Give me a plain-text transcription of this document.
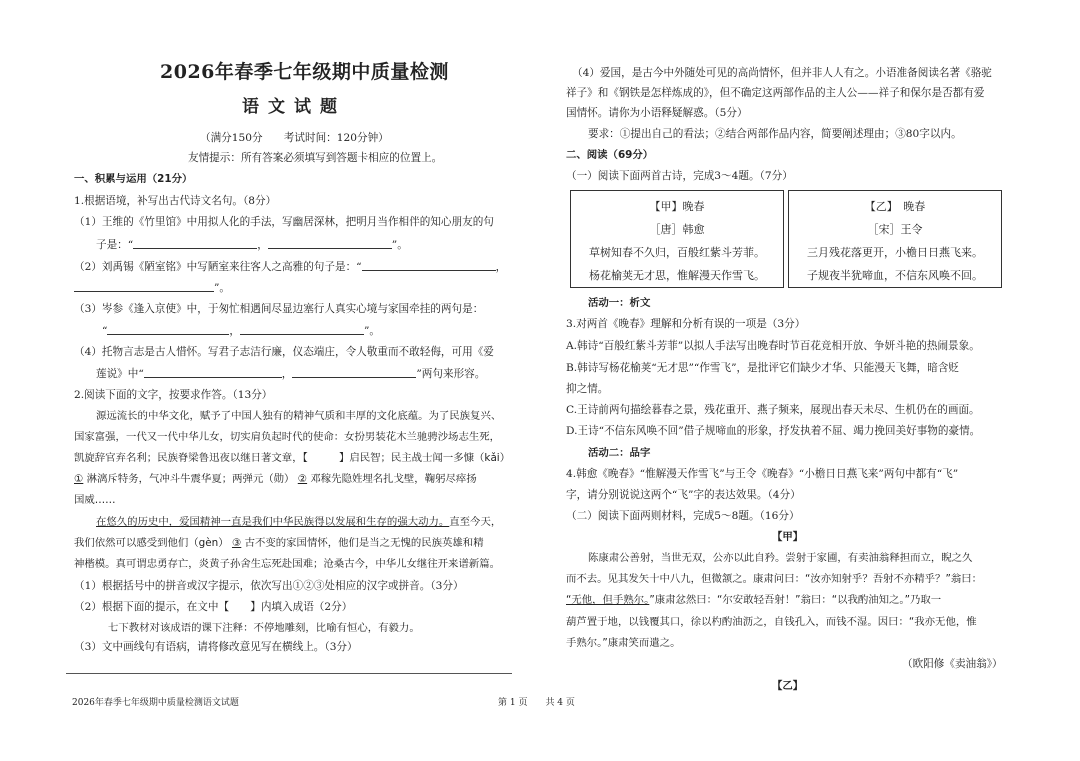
2026年春季七年级期中质量检测
语文试题
（满分150分　　考试时间：120分钟）
友情提示：所有答案必须填写到答题卡相应的位置上。
一、积累与运用（21分）
1.根据语境，补写出古代诗文名句。（8分）
（1）王维的《竹里馆》中用拟人化的手法，写幽居深林，把明月当作相伴的知心朋友的句
子是：“	，	”。
（2）刘禹锡《陋室铭》中写陋室来往客人之高雅的句子是：“	，
”。
（3）岑参《逢入京使》中，于匆忙相遇间尽显边塞行人真实心境与家国牵挂的两句是：
“	，	”。
（4）托物言志是古人惜怀。写君子志洁行廉，仪态端庄，令人敬重而不敢轻侮，可用《爱
莲说》中“	，	”两句来形容。
2.阅读下面的文字，按要求作答。（13分）
源远流长的中华文化，赋予了中国人独有的精神气质和丰厚的文化底蕴。为了民族复兴、
国家富强，一代又一代中华儿女，切实肩负起时代的使命：女扮男装花木兰驰骋沙场志生死，
凯旋辞官弃名利；民族脊梁鲁迅夜以继日著文章，【　　　】启民智；民主战士闻一多慷（kǎi）
① 淋漓斥特务，气冲斗牛震华夏；两弹元（勋） ② 邓稼先隐姓埋名扎戈壁，鞠躬尽瘁扬
国威……
在悠久的历史中，爱国精神一直是我们中华民族得以发展和生存的强大动力。直至今天，
我们依然可以感受到他们（gèn） ③ 古不变的家国情怀，他们是当之无愧的民族英雄和精
神楷模。真可谓忠勇存亡，炎黄子孙舍生忘死赴国难；沧桑古今，中华儿女继往开来谱新篇。
（1）根据括号中的拼音或汉字提示，依次写出①②③处相应的汉字或拼音。（3分）
（2）根据下面的提示，在文中【　　】内填入成语（2分）
七下教材对该成语的课下注释：不停地雕刻，比喻有恒心，有毅力。
（3）文中画线句有语病，请将修改意见写在横线上。（3分）
（4）爱国，是古今中外随处可见的高尚情怀，但并非人人有之。小语准备阅读名著《骆驼
祥子》和《钢铁是怎样炼成的》，但不确定这两部作品的主人公——祥子和保尔是否都有爱
国情怀。请你为小语释疑解惑。（5分）
要求：①提出自己的看法；②结合两部作品内容，简要阐述理由；③80字以内。
二、阅读（69分）
（一）阅读下面两首古诗，完成3～4题。（7分）
【甲】晚春
［唐］韩愈
草树知春不久归，百般红紫斗芳菲。
杨花榆荚无才思，惟解漫天作雪飞。
【乙】　晚春
［宋］王令
三月残花落更开，小檐日日燕飞来。
子规夜半犹啼血，不信东风唤不回。
活动一：析文
3.对两首《晚春》理解和分析有误的一项是（3分）
A.韩诗“百般红紫斗芳菲”以拟人手法写出晚春时节百花竞相开放、争妍斗艳的热闹景象。
B.韩诗写杨花榆荚“无才思”“作雪飞”，是批评它们缺少才华、只能漫天飞舞，暗含贬
抑之情。
C.王诗前两句描绘暮春之景，残花重开、燕子频来，展现出春天未尽、生机仍在的画面。
D.王诗“不信东风唤不回”借子规啼血的形象，抒发执着不屈、竭力挽回美好事物的豪情。
活动二：品字
4.韩愈《晚春》“惟解漫天作雪飞”与王令《晚春》“小檐日日燕飞来”两句中都有“飞”
字，请分别说说这两个“飞”字的表达效果。（4分）
（二）阅读下面两则材料，完成5～8题。（16分）
【甲】
陈康肃公善射，当世无双，公亦以此自矜。尝射于家圃，有卖油翁释担而立，睨之久
而不去。见其发矢十中八九，但微颔之。康肃问曰：“汝亦知射乎？吾射不亦精乎？”翁曰：
“无他，但手熟尔。”康肃忿然曰：“尔安敢轻吾射！”翁曰：“以我酌油知之。”乃取一
葫芦置于地，以钱覆其口，徐以杓酌油沥之，自钱孔入，而钱不湿。因曰：“我亦无他，惟
手熟尔。”康肃笑而遣之。
（欧阳修《卖油翁》）
【乙】
2026年春季七年级期中质量检测语文试题	第 1 页　　共 4 页
